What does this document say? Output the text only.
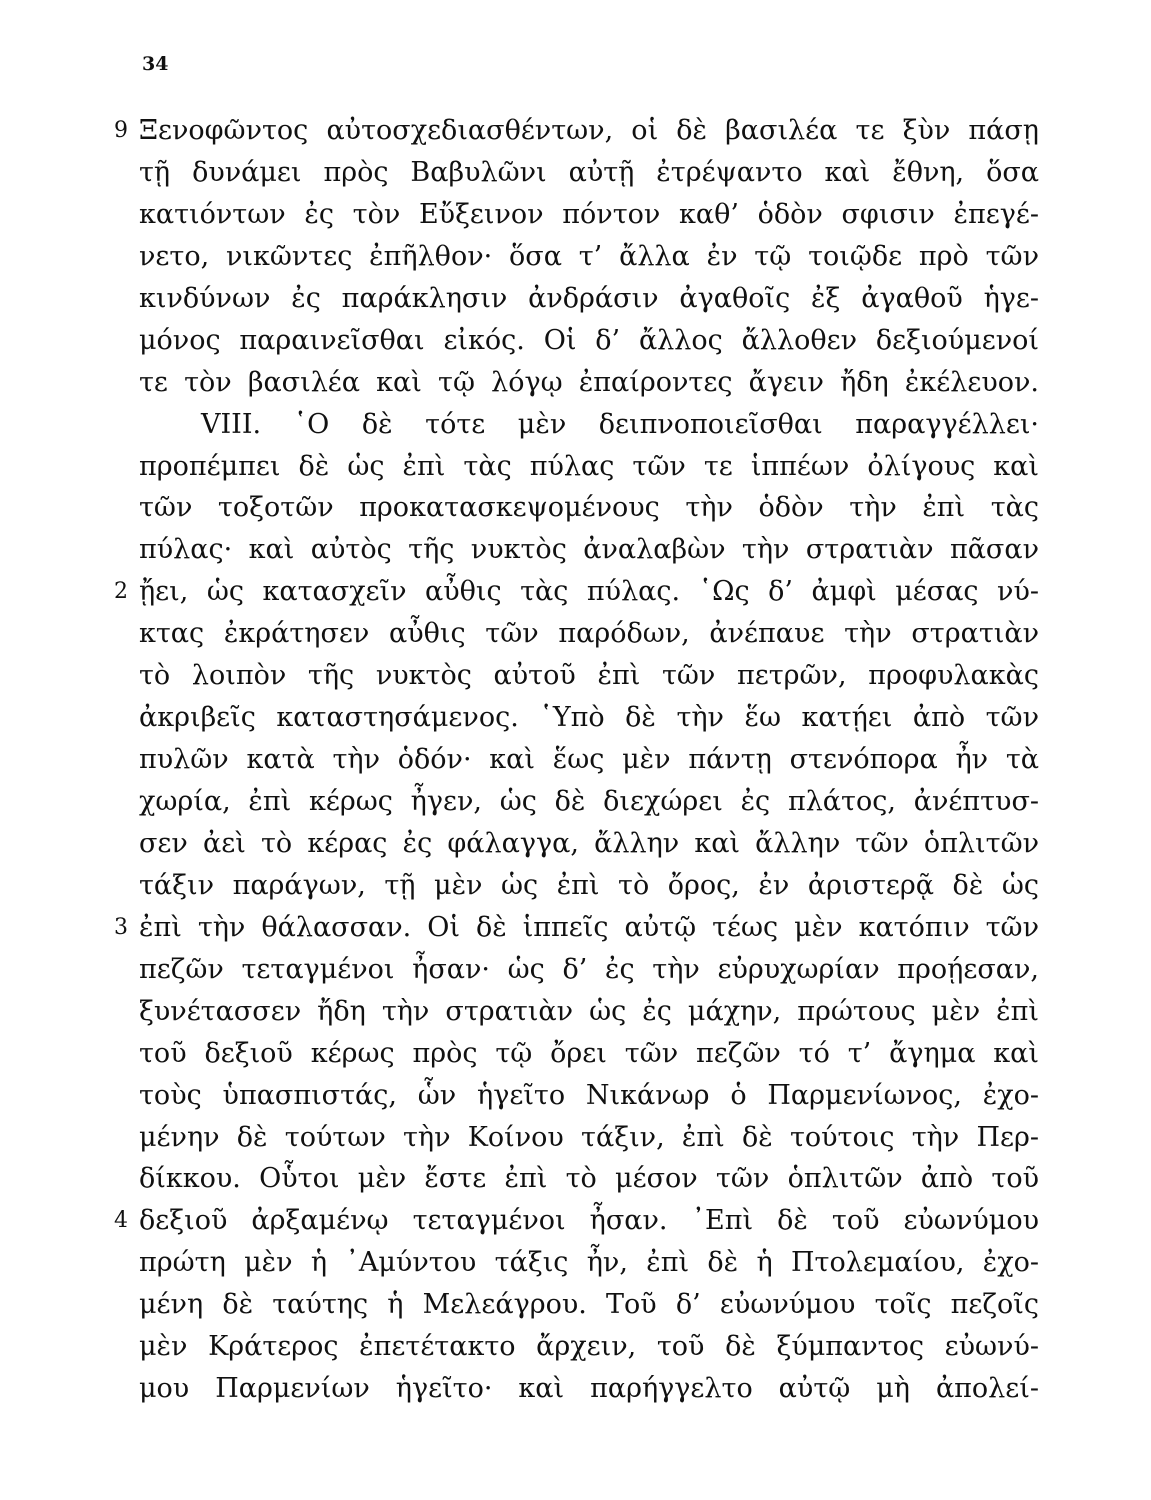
34
9 Ξενοφῶντος αὐτοσχεδιασθέντων, οἱ δὲ βασιλέα τε ξὺν πάσῃ
τῇ δυνάμει πρὸς Βαβυλῶνι αὐτῇ ἐτρέψαντο καὶ ἔθνη, ὅσα
κατιόντων ἐς τὸν Εὔξεινον πόντον καθ’ ὁδὸν σφισιν ἐπεγέ-
νετο, νικῶντες ἐπῆλθον· ὅσα τ’ ἄλλα ἐν τῷ τοιῷδε πρὸ τῶν
κινδύνων ἐς παράκλησιν ἀνδράσιν ἀγαθοῖς ἐξ ἀγαθοῦ ἡγε-
μόνος παραινεῖσθαι εἰκός. Οἱ δ’ ἄλλος ἄλλοθεν δεξιούμενοί
τε τὸν βασιλέα καὶ τῷ λόγῳ ἐπαίροντες ἄγειν ἤδη ἐκέλευον.
VIII. ῾Ο δὲ τότε μὲν δειπνοποιεῖσθαι παραγγέλλει·
προπέμπει δὲ ὡς ἐπὶ τὰς πύλας τῶν τε ἱππέων ὀλίγους καὶ
τῶν τοξοτῶν προκατασκεψομένους τὴν ὁδὸν τὴν ἐπὶ τὰς
πύλας· καὶ αὐτὸς τῆς νυκτὸς ἀναλαβὼν τὴν στρατιὰν πᾶσαν
2 ᾔει, ὡς κατασχεῖν αὖθις τὰς πύλας. ῾Ως δ’ ἀμφὶ μέσας νύ-
κτας ἐκράτησεν αὖθις τῶν παρόδων, ἀνέπαυε τὴν στρατιὰν
τὸ λοιπὸν τῆς νυκτὸς αὐτοῦ ἐπὶ τῶν πετρῶν, προφυλακὰς
ἀκριβεῖς καταστησάμενος. ῾Υπὸ δὲ τὴν ἕω κατῄει ἀπὸ τῶν
πυλῶν κατὰ τὴν ὁδόν· καὶ ἕως μὲν πάντῃ στενόπορα ἦν τὰ
χωρία, ἐπὶ κέρως ἦγεν, ὡς δὲ διεχώρει ἐς πλάτος, ἀνέπτυσ-
σεν ἀεὶ τὸ κέρας ἐς φάλαγγα, ἄλλην καὶ ἄλλην τῶν ὁπλιτῶν
τάξιν παράγων, τῇ μὲν ὡς ἐπὶ τὸ ὄρος, ἐν ἀριστερᾷ δὲ ὡς
3 ἐπὶ τὴν θάλασσαν. Οἱ δὲ ἱππεῖς αὐτῷ τέως μὲν κατόπιν τῶν
πεζῶν τεταγμένοι ἦσαν· ὡς δ’ ἐς τὴν εὐρυχωρίαν προῄεσαν,
ξυνέτασσεν ἤδη τὴν στρατιὰν ὡς ἐς μάχην, πρώτους μὲν ἐπὶ
τοῦ δεξιοῦ κέρως πρὸς τῷ ὄρει τῶν πεζῶν τό τ’ ἄγημα καὶ
τοὺς ὑπασπιστάς, ὧν ἡγεῖτο Νικάνωρ ὁ Παρμενίωνος, ἐχο-
μένην δὲ τούτων τὴν Κοίνου τάξιν, ἐπὶ δὲ τούτοις τὴν Περ-
δίκκου. Οὗτοι μὲν ἔστε ἐπὶ τὸ μέσον τῶν ὁπλιτῶν ἀπὸ τοῦ
4 δεξιοῦ ἀρξαμένῳ τεταγμένοι ἦσαν. ᾿Επὶ δὲ τοῦ εὐωνύμου
πρώτη μὲν ἡ ᾿Αμύντου τάξις ἦν, ἐπὶ δὲ ἡ Πτολεμαίου, ἐχο-
μένη δὲ ταύτης ἡ Μελεάγρου. Τοῦ δ’ εὐωνύμου τοῖς πεζοῖς
μὲν Κράτερος ἐπετέτακτο ἄρχειν, τοῦ δὲ ξύμπαντος εὐωνύ-
μου Παρμενίων ἡγεῖτο· καὶ παρήγγελτο αὐτῷ μὴ ἀπολεί-
